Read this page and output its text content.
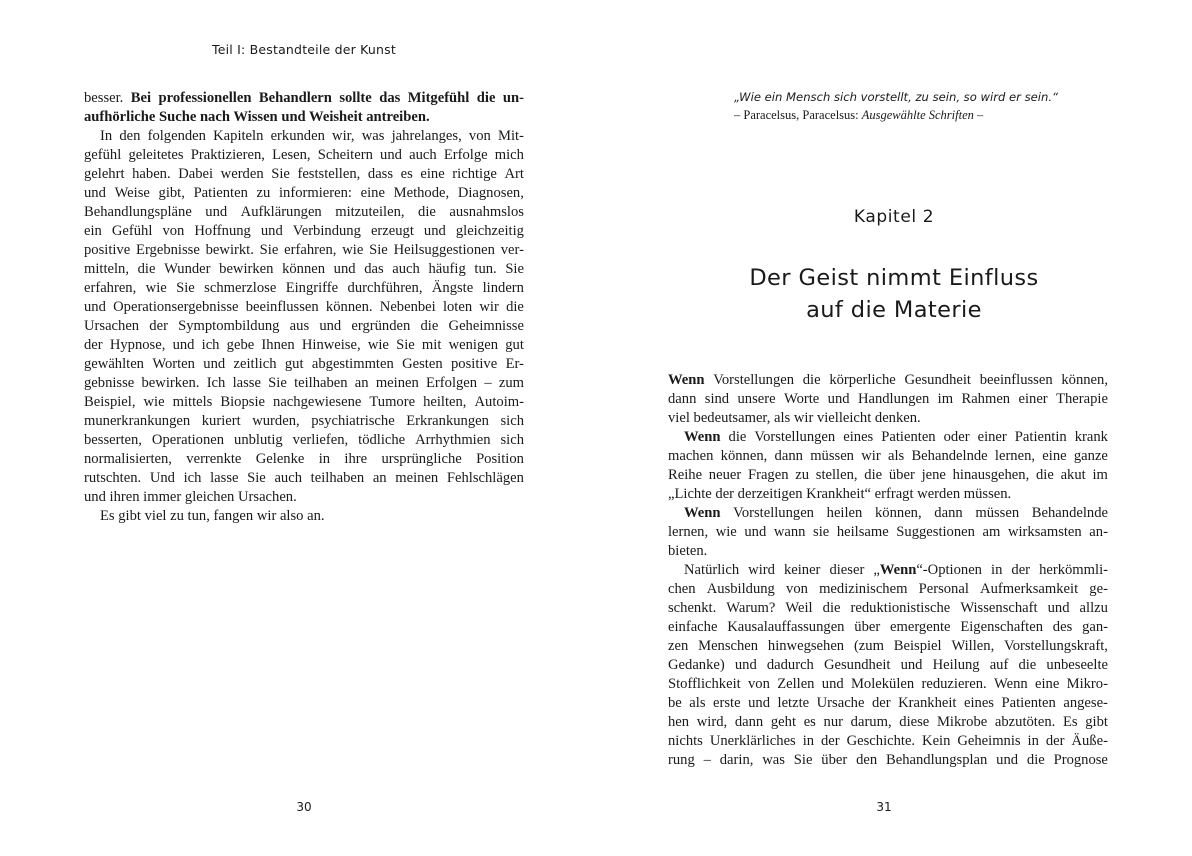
Teil I: Bestandteile der Kunst
besser. Bei professionellen Behandlern sollte das Mitgefühl die un-
aufhörliche Suche nach Wissen und Weisheit antreiben.
In den folgenden Kapiteln erkunden wir, was jahrelanges, von Mit-
gefühl geleitetes Praktizieren, Lesen, Scheitern und auch Erfolge mich
gelehrt haben. Dabei werden Sie feststellen, dass es eine richtige Art
und Weise gibt, Patienten zu informieren: eine Methode, Diagnosen,
Behandlungspläne und Aufklärungen mitzuteilen, die ausnahmslos
ein Gefühl von Hoffnung und Verbindung erzeugt und gleichzeitig
positive Ergebnisse bewirkt. Sie erfahren, wie Sie Heilsuggestionen ver-
mitteln, die Wunder bewirken können und das auch häufig tun. Sie
erfahren, wie Sie schmerzlose Eingriffe durchführen, Ängste lindern
und Operationsergebnisse beeinflussen können. Nebenbei loten wir die
Ursachen der Symptombildung aus und ergründen die Geheimnisse
der Hypnose, und ich gebe Ihnen Hinweise, wie Sie mit wenigen gut
gewählten Worten und zeitlich gut abgestimmten Gesten positive Er-
gebnisse bewirken. Ich lasse Sie teilhaben an meinen Erfolgen – zum
Beispiel, wie mittels Biopsie nachgewiesene Tumore heilten, Autoim-
munerkrankungen kuriert wurden, psychiatrische Erkrankungen sich
besserten, Operationen unblutig verliefen, tödliche Arrhythmien sich
normalisierten, verrenkte Gelenke in ihre ursprüngliche Position
rutschten. Und ich lasse Sie auch teilhaben an meinen Fehlschlägen
und ihren immer gleichen Ursachen.
Es gibt viel zu tun, fangen wir also an.
30
„Wie ein Mensch sich vorstellt, zu sein, so wird er sein.“
– Paracelsus, Paracelsus: Ausgewählte Schriften –
Kapitel 2
Der Geist nimmt Einfluss
auf die Materie
Wenn Vorstellungen die körperliche Gesundheit beeinflussen können,
dann sind unsere Worte und Handlungen im Rahmen einer Therapie
viel bedeutsamer, als wir vielleicht denken.
Wenn die Vorstellungen eines Patienten oder einer Patientin krank
machen können, dann müssen wir als Behandelnde lernen, eine ganze
Reihe neuer Fragen zu stellen, die über jene hinausgehen, die akut im
„Lichte der derzeitigen Krankheit“ erfragt werden müssen.
Wenn Vorstellungen heilen können, dann müssen Behandelnde
lernen, wie und wann sie heilsame Suggestionen am wirksamsten an-
bieten.
Natürlich wird keiner dieser „Wenn“-Optionen in der herkömmli-
chen Ausbildung von medizinischem Personal Aufmerksamkeit ge-
schenkt. Warum? Weil die reduktionistische Wissenschaft und allzu
einfache Kausalauffassungen über emergente Eigenschaften des gan-
zen Menschen hinwegsehen (zum Beispiel Willen, Vorstellungskraft,
Gedanke) und dadurch Gesundheit und Heilung auf die unbeseelte
Stofflichkeit von Zellen und Molekülen reduzieren. Wenn eine Mikro-
be als erste und letzte Ursache der Krankheit eines Patienten angese-
hen wird, dann geht es nur darum, diese Mikrobe abzutöten. Es gibt
nichts Unerklärliches in der Geschichte. Kein Geheimnis in der Äuße-
rung – darin, was Sie über den Behandlungsplan und die Prognose
31
